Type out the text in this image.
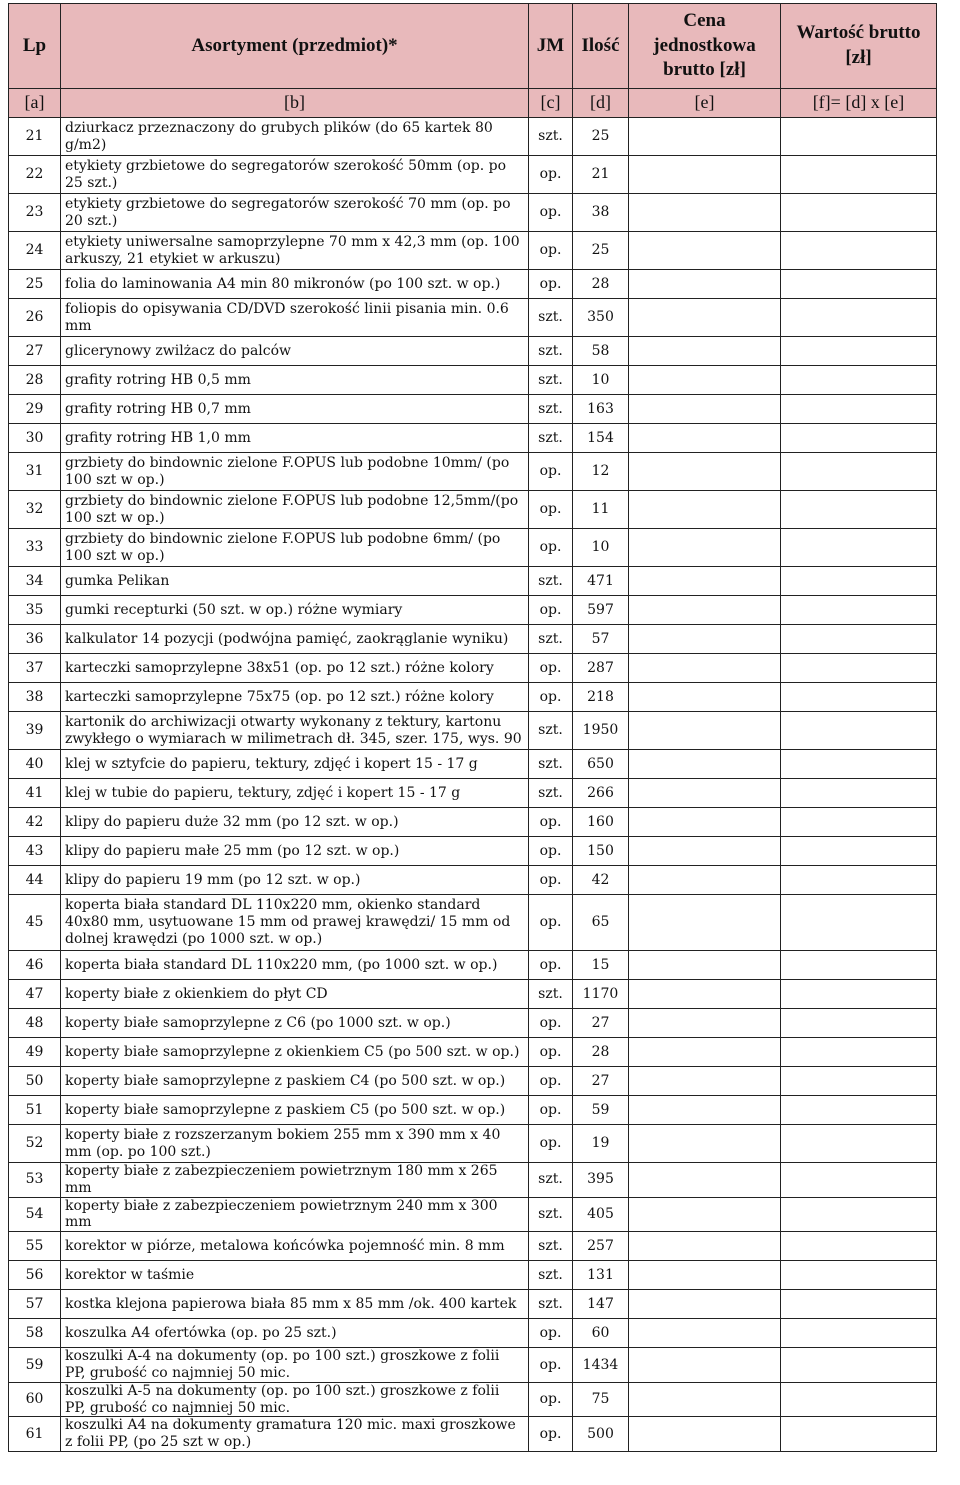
Lp	Asortyment (przedmiot)*	JM	Ilość	Cena jednostkowa brutto [zł]	Wartość brutto [zł]
[a]	[b]	[c]	[d]	[e]	[f]= [d] x [e]
21	dziurkacz przeznaczony do grubych plików (do 65 kartek 80 g/m2)	szt.	25		
22	etykiety grzbietowe do segregatorów szerokość 50mm (op. po 25 szt.)	op.	21		
23	etykiety grzbietowe do segregatorów szerokość 70 mm (op. po 20 szt.)	op.	38		
24	etykiety uniwersalne samoprzylepne 70 mm x 42,3 mm (op. 100 arkuszy, 21 etykiet w arkuszu)	op.	25		
25	folia do laminowania A4 min 80 mikronów (po 100 szt. w op.)	op.	28		
26	foliopis do opisywania CD/DVD szerokość linii pisania min. 0.6 mm	szt.	350		
27	glicerynowy zwilżacz do palców	szt.	58		
28	grafity rotring HB 0,5 mm	szt.	10		
29	grafity rotring HB 0,7 mm	szt.	163		
30	grafity rotring HB 1,0 mm	szt.	154		
31	grzbiety do bindownic zielone F.OPUS lub podobne 10mm/ (po 100 szt w op.)	op.	12		
32	grzbiety do bindownic zielone F.OPUS lub podobne 12,5mm/(po 100 szt w op.)	op.	11		
33	grzbiety do bindownic zielone F.OPUS lub podobne 6mm/ (po 100 szt w op.)	op.	10		
34	gumka Pelikan	szt.	471		
35	gumki recepturki (50 szt. w op.) różne wymiary	op.	597		
36	kalkulator 14 pozycji (podwójna pamięć, zaokrąglanie wyniku)	szt.	57		
37	karteczki samoprzylepne 38x51 (op. po 12 szt.) różne kolory	op.	287		
38	karteczki samoprzylepne 75x75 (op. po 12 szt.) różne kolory	op.	218		
39	kartonik do archiwizacji otwarty wykonany z tektury, kartonu zwykłego o wymiarach w milimetrach dł. 345, szer. 175, wys. 90	szt.	1950		
40	klej w sztyfcie do papieru, tektury, zdjęć i kopert 15 - 17 g	szt.	650		
41	klej w tubie do papieru, tektury, zdjęć i kopert 15 - 17 g	szt.	266		
42	klipy do papieru duże 32 mm (po 12 szt. w op.)	op.	160		
43	klipy do papieru małe 25 mm (po 12 szt. w op.)	op.	150		
44	klipy do papieru 19 mm (po 12 szt. w op.)	op.	42		
45	koperta biała standard DL 110x220 mm, okienko standard 40x80 mm, usytuowane 15 mm od prawej krawędzi/ 15 mm od dolnej krawędzi (po 1000 szt. w op.)	op.	65		
46	koperta biała standard DL 110x220 mm, (po 1000 szt. w op.)	op.	15		
47	koperty białe z okienkiem do płyt CD	szt.	1170		
48	koperty białe samoprzylepne z C6 (po 1000 szt. w op.)	op.	27		
49	koperty białe samoprzylepne z okienkiem C5 (po 500 szt. w op.)	op.	28		
50	koperty białe samoprzylepne z paskiem C4 (po 500 szt. w op.)	op.	27		
51	koperty białe samoprzylepne z paskiem C5 (po 500 szt. w op.)	op.	59		
52	koperty białe z rozszerzanym bokiem 255 mm x 390 mm x 40 mm (op. po 100 szt.)	op.	19		
53	koperty białe z zabezpieczeniem powietrznym 180 mm x 265 mm	szt.	395		
54	koperty białe z zabezpieczeniem powietrznym 240 mm x 300 mm	szt.	405		
55	korektor w piórze, metalowa końcówka pojemność min. 8 mm	szt.	257		
56	korektor w taśmie	szt.	131		
57	kostka klejona papierowa biała 85 mm x 85 mm /ok. 400 kartek	szt.	147		
58	koszulka A4 ofertówka (op. po 25 szt.)	op.	60		
59	koszulki A-4 na dokumenty (op. po 100 szt.) groszkowe z folii PP, grubość co najmniej 50 mic.	op.	1434		
60	koszulki A-5 na dokumenty (op. po 100 szt.) groszkowe z folii PP, grubość co najmniej 50 mic.	op.	75		
61	koszulki A4 na dokumenty gramatura 120 mic. maxi groszkowe z folii PP, (po 25 szt w op.)	op.	500		
